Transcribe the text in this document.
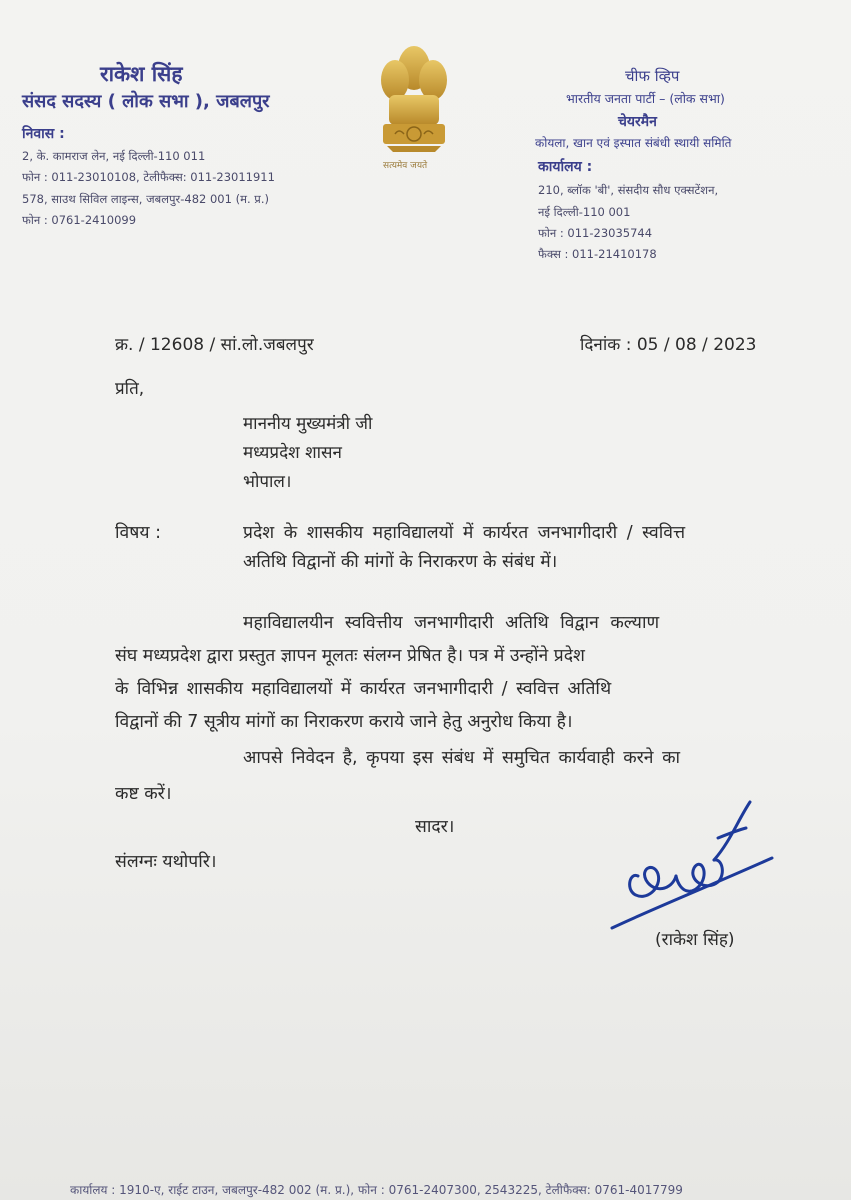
राकेश सिंह
संसद सदस्य ( लोक सभा ), जबलपुर
निवास :
2, के. कामराज लेन, नई दिल्ली-110 011
फोन : 011-23010108, टेलीफैक्स: 011-23011911
578, साउथ सिविल लाइन्स, जबलपुर-482 001 (म. प्र.)
फोन : 0761-2410099
सत्यमेव जयते
चीफ व्हिप
भारतीय जनता पार्टी – (लोक सभा)
चेयरमैन
कोयला, खान एवं इस्पात संबंधी स्थायी समिति
कार्यालय :
210, ब्लॉक 'बी', संसदीय सौध एक्सटेंशन,
नई दिल्ली-110 001
फोन : 011-23035744
फैक्स : 011-21410178
क्र. / 12608 / सां.लो.जबलपुर	दिनांक : 05 / 08 / 2023
प्रति,
माननीय मुख्यमंत्री जी
मध्यप्रदेश शासन
भोपाल।
विषय :	प्रदेश के शासकीय महाविद्यालयों में कार्यरत जनभागीदारी / स्ववित्त
अतिथि विद्वानों की मांगों के निराकरण के संबंध में।
महाविद्यालयीन स्ववित्तीय जनभागीदारी अतिथि विद्वान कल्याण
संघ मध्यप्रदेश द्वारा प्रस्तुत ज्ञापन मूलतः संलग्न प्रेषित है। पत्र में उन्होंने प्रदेश
के विभिन्न शासकीय महाविद्यालयों में कार्यरत जनभागीदारी / स्ववित्त अतिथि
विद्वानों की 7 सूत्रीय मांगों का निराकरण कराये जाने हेतु अनुरोध किया है।
आपसे निवेदन है, कृपया इस संबंध में समुचित कार्यवाही करने का
कष्ट करें।
सादर।
संलग्नः यथोपरि।
(राकेश सिंह)
कार्यालय : 1910-ए, राईट टाउन, जबलपुर-482 002 (म. प्र.), फोन : 0761-2407300, 2543225, टेलीफैक्स: 0761-4017799
